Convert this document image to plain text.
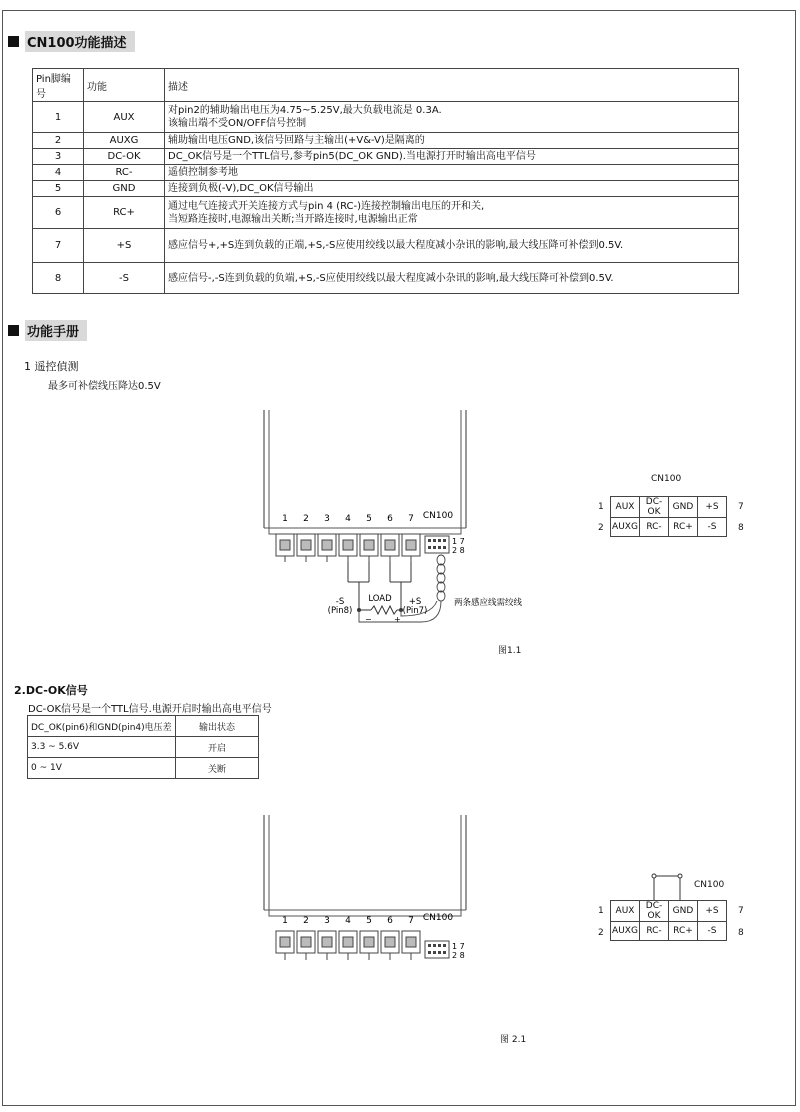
CN100功能描述
Pin脚编号	功能	描述
1	AUX	对pin2的辅助输出电压为4.75~5.25V,最大负载电流是 0.3A.
该输出端不受ON/OFF信号控制

2	AUXG	辅助输出电压GND,该信号回路与主输出(+V&-V)是隔离的
3	DC-OK	DC_OK信号是一个TTL信号,参考pin5(DC_OK GND).当电源打开时输出高电平信号
4	RC-	遥偵控制参考地
5	GND	连接到负极(-V),DC_OK信号输出
6	RC+	通过电气连接式开关连接方式与pin 4 (RC-)连接控制输出电压的开和关,
当短路连接时,电源输出关断;当开路连接时,电源输出正常

7	+S	感应信号+,+S连到负载的正端,+S,-S应使用绞线以最大程度减小杂讯的影响,最大线压降可补偿到0.5V.
8	-S	感应信号-,-S连到负载的负端,+S,-S应使用绞线以最大程度减小杂讯的影响,最大线压降可补偿到0.5V.
功能手册
1 遥控偵测
最多可补偿线压降达0.5V
1 2 3 4 5 6 7 CN100
1 7
2 8
-S
(Pin8)
LOAD +S
(Pin7)
−	+
两条感应线需绞线
图1.1
CN100
1
2
7
8
AUX	DC-OK	GND	+S
AUXG	RC-	RC+	-S
2.DC-OK信号
DC-OK信号是一个TTL信号.电源开启时输出高电平信号
DC_OK(pin6)和GND(pin4)电压差	输出状态
3.3 ~ 5.6V	开启
0 ~ 1V	关断
1 2 3 4 5 6 7 CN100
1 7
2 8
图 2.1
CN100
1
2
7
8
AUX	DC-OK	GND	+S
AUXG	RC-	RC+	-S
